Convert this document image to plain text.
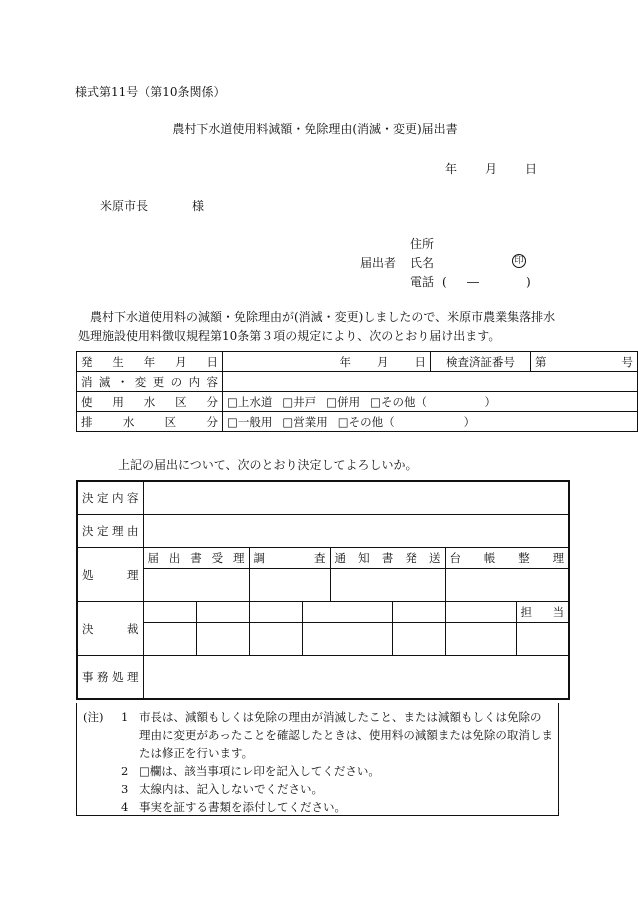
様式第11号（第10条関係）
農村下水道使用料減額・免除理由(消滅・変更)届出書
年 月 日
米原市長	様
住所
届出者 氏名	印
電話 ( ―	)
農村下水道使用料の減額・免除理由が(消滅・変更)しましたので、米原市農業集落排水処理施設使用料徴収規程第10条第３項の規定により、次のとおり届け出ます。
発生年月日	年 月 日	検査済証番号	第 号

消滅・変更の内容			
使用水区分	□上水道 □井戸 □併用 □その他（　　　　　）		
排水区分	□一般用 □営業用 □その他（　　　　　　）		
上記の届出について、次のとおり決定してよろしいか。
決定内容								
決定理由								
処理	届出書受理		調査		通知書発送		台帳整理	

決裁								担当

事務処理								
(注) 1 市長は、減額もしくは免除の理由が消滅したこと、または減額もしくは免除の
理由に変更があったことを確認したときは、使用料の減額または免除の取消しま
たは修正を行います。
2 □欄は、該当事項にレ印を記入してください。
3 太線内は、記入しないでください。
4 事実を証する書類を添付してください。
